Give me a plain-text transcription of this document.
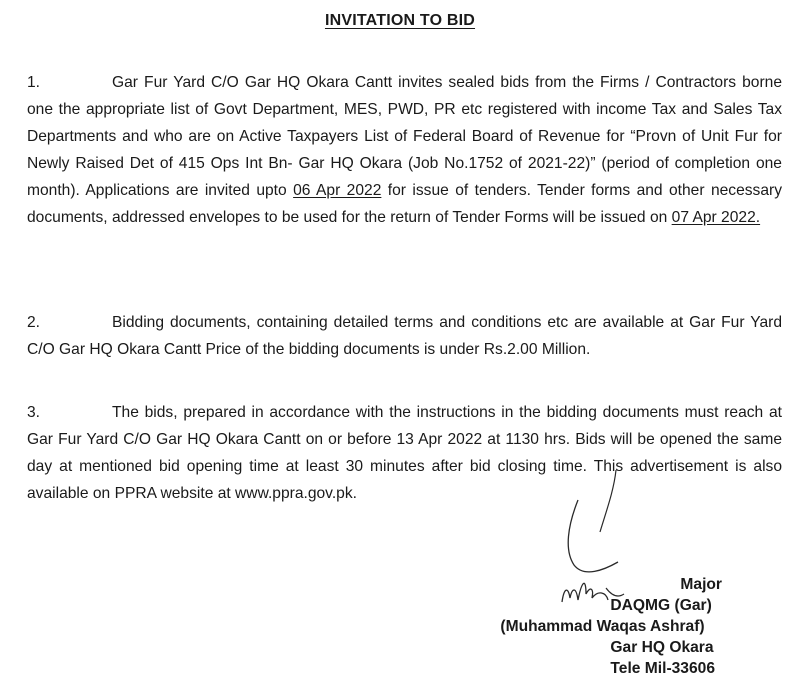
INVITATION TO BID
1.	Gar Fur Yard C/O Gar HQ Okara Cantt invites sealed bids from the Firms / Contractors borne one the appropriate list of Govt Department, MES, PWD, PR etc registered with income Tax and Sales Tax Departments and who are on Active Taxpayers List of Federal Board of Revenue for “Provn of Unit Fur for Newly Raised Det of 415 Ops Int Bn- Gar HQ Okara (Job No.1752 of 2021-22)” (period of completion one month). Applications are invited upto 06 Apr 2022 for issue of tenders. Tender forms and other necessary documents, addressed envelopes to be used for the return of Tender Forms will be issued on 07 Apr 2022.
2.	Bidding documents, containing detailed terms and conditions etc are available at Gar Fur Yard C/O Gar HQ Okara Cantt Price of the bidding documents is under Rs.2.00 Million.
3.	The bids, prepared in accordance with the instructions in the bidding documents must reach at Gar Fur Yard C/O Gar HQ Okara Cantt on or before 13 Apr 2022 at 1130 hrs. Bids will be opened the same day at mentioned bid opening time at least 30 minutes after bid closing time. This advertisement is also available on PPRA website at www.ppra.gov.pk.
Major
DAQMG (Gar)
(Muhammad Waqas Ashraf)
Gar HQ Okara
Tele Mil-33606
